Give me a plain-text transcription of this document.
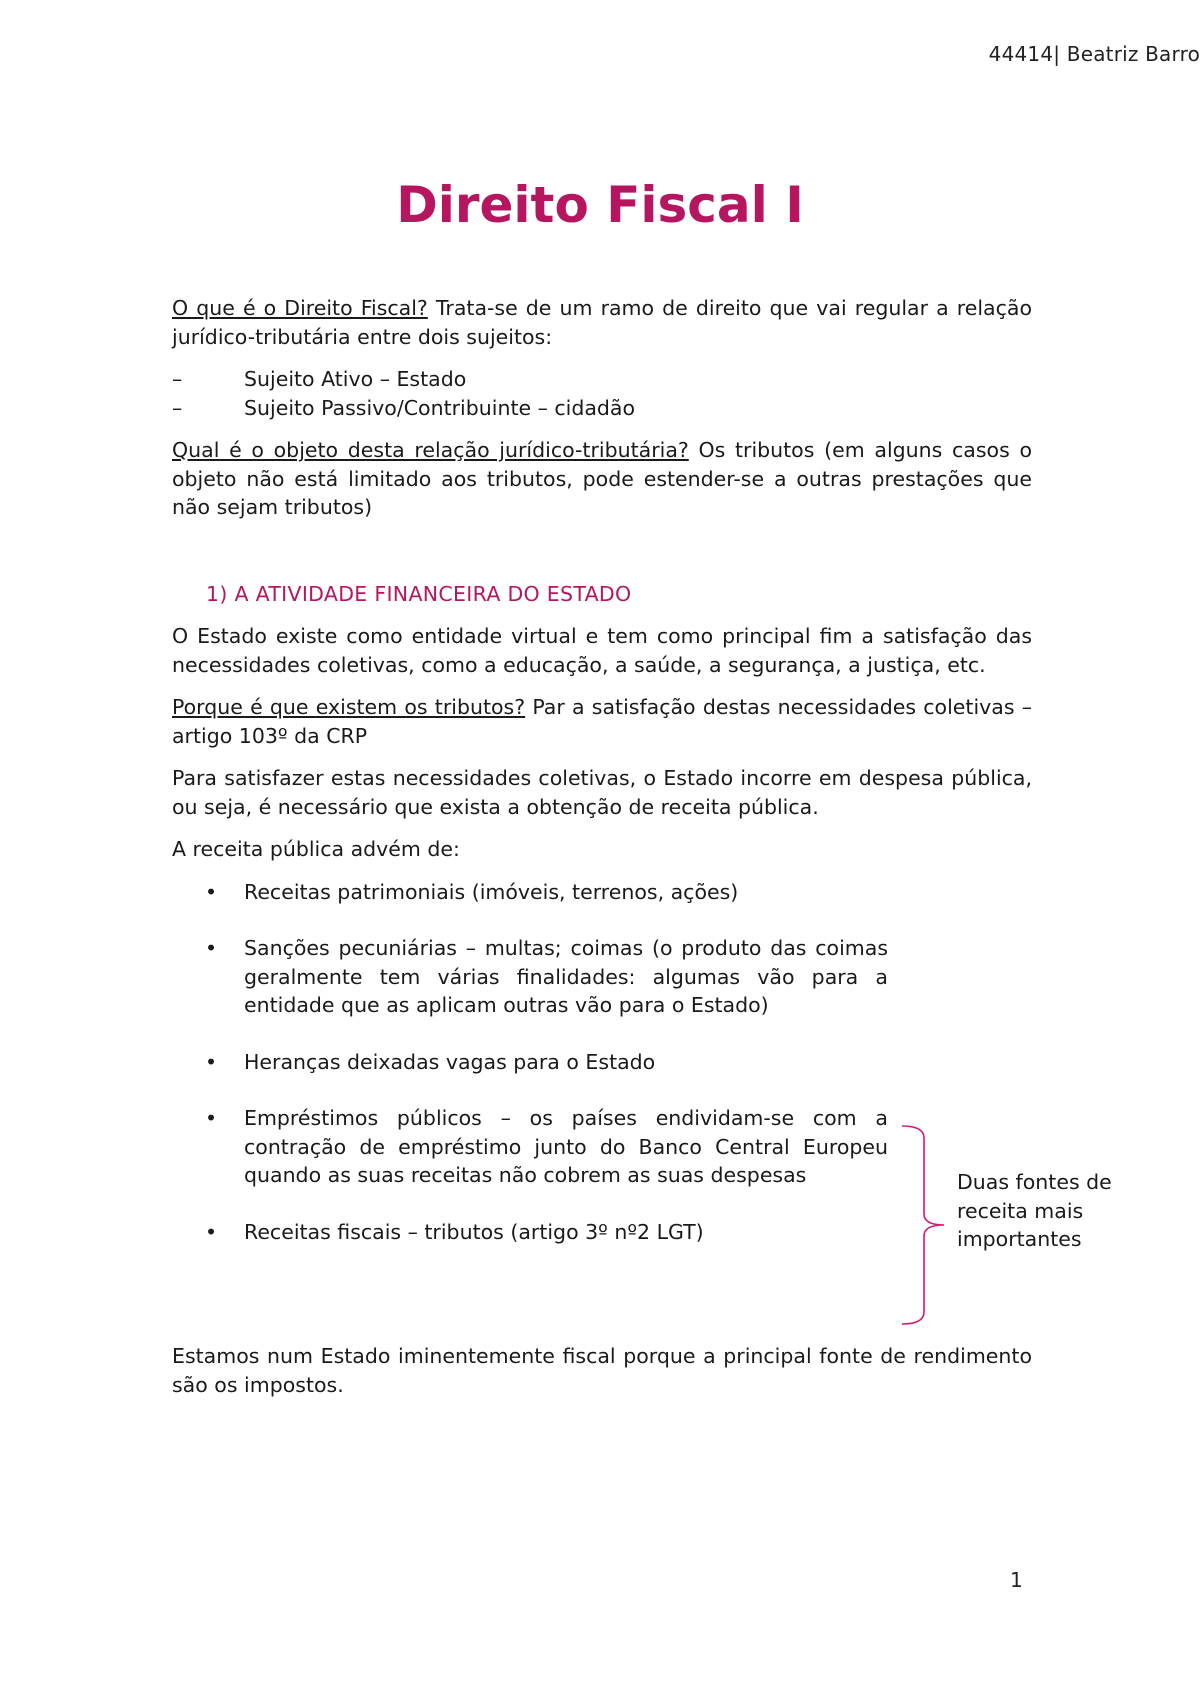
44414| Beatriz Barro
Direito Fiscal I

O que é o Direito Fiscal? Trata-se de um ramo de direito que vai regular a relação jurídico-tributária entre dois sujeitos:

–	Sujeito Ativo – Estado
–	Sujeito Passivo/Contribuinte – cidadão

Qual é o objeto desta relação jurídico-tributária? Os tributos (em alguns casos o objeto não está limitado aos tributos, pode estender-se a outras prestações que não sejam tributos)

1) A ATIVIDADE FINANCEIRA DO ESTADO

O Estado existe como entidade virtual e tem como principal fim a satisfação das necessidades coletivas, como a educação, a saúde, a segurança, a justiça, etc.

Porque é que existem os tributos? Par a satisfação destas necessidades coletivas – artigo 103º da CRP

Para satisfazer estas necessidades coletivas, o Estado incorre em despesa pública, ou seja, é necessário que exista a obtenção de receita pública.

A receita pública advém de:

• Receitas patrimoniais (imóveis, terrenos, ações)
• Sanções pecuniárias – multas; coimas (o produto das coimas geralmente tem várias finalidades: algumas vão para a entidade que as aplicam outras vão para o Estado)
• Heranças deixadas vagas para o Estado
• Empréstimos públicos – os países endividam-se com a contração de empréstimo junto do Banco Central Europeu quando as suas receitas não cobrem as suas despesas
• Receitas fiscais – tributos (artigo 3º nº2 LGT)

Estamos num Estado iminentemente fiscal porque a principal fonte de rendimento são os impostos.

Duas fontes de receita mais importantes
1
